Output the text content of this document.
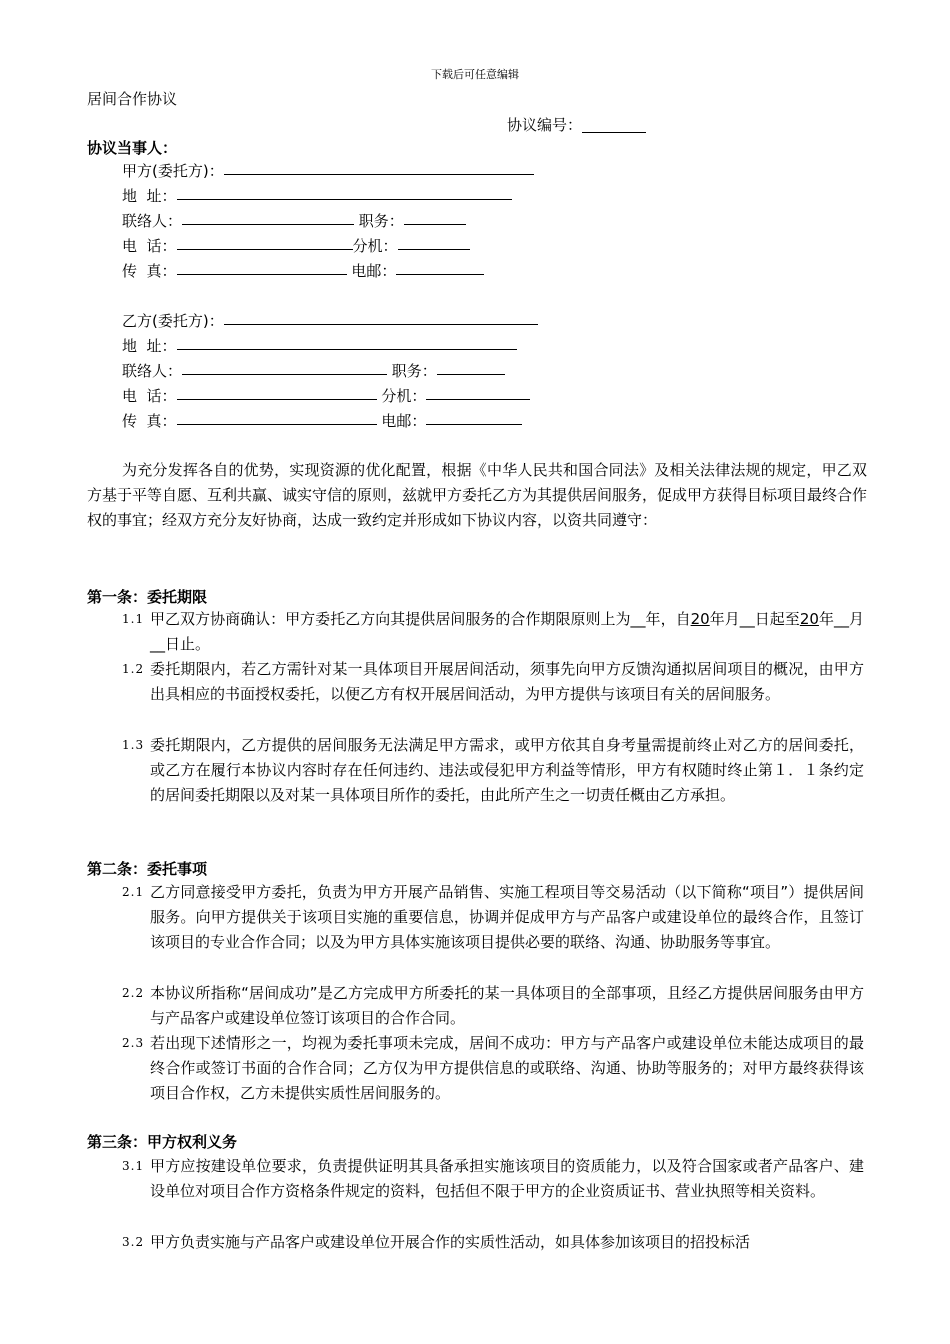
下载后可任意编辑
居间合作协议
协议编号：
协议当事人：
甲方(委托方)：
地  址：
联络人：	职务：
电  话：	分机：
传  真：	电邮：
乙方(委托方)：
地  址：
联络人：	职务：
电  话：	分机：
传  真：	电邮：
为充分发挥各自的优势，实现资源的优化配置，根据《中华人民共和国合同法》及相关法律法规的规定，甲乙双方基于平等自愿、互利共赢、诚实守信的原则，兹就甲方委托乙方为其提供居间服务，促成甲方获得目标项目最终合作权的事宜；经双方充分友好协商，达成一致约定并形成如下协议内容，以资共同遵守：
第一条：委托期限
1.1 甲乙双方协商确认：甲方委托乙方向其提供居间服务的合作期限原则上为__年，自20年月__日起至20年__月__日止。
1.2 委托期限内，若乙方需针对某一具体项目开展居间活动，须事先向甲方反馈沟通拟居间项目的概况，由甲方出具相应的书面授权委托，以便乙方有权开展居间活动，为甲方提供与该项目有关的居间服务。
1.3 委托期限内，乙方提供的居间服务无法满足甲方需求，或甲方依其自身考量需提前终止对乙方的居间委托，或乙方在履行本协议内容时存在任何违约、违法或侵犯甲方利益等情形，甲方有权随时终止第１．１条约定的居间委托期限以及对某一具体项目所作的委托，由此所产生之一切责任概由乙方承担。
第二条：委托事项
2.1 乙方同意接受甲方委托，负责为甲方开展产品销售、实施工程项目等交易活动（以下简称“项目”）提供居间服务。向甲方提供关于该项目实施的重要信息，协调并促成甲方与产品客户或建设单位的最终合作，且签订该项目的专业合作合同；以及为甲方具体实施该项目提供必要的联络、沟通、协助服务等事宜。
2.2 本协议所指称“居间成功”是乙方完成甲方所委托的某一具体项目的全部事项，且经乙方提供居间服务由甲方与产品客户或建设单位签订该项目的合作合同。
2.3 若出现下述情形之一，均视为委托事项未完成，居间不成功：甲方与产品客户或建设单位未能达成项目的最终合作或签订书面的合作合同；乙方仅为甲方提供信息的或联络、沟通、协助等服务的；对甲方最终获得该项目合作权，乙方未提供实质性居间服务的。
第三条：甲方权利义务
3.1 甲方应按建设单位要求，负责提供证明其具备承担实施该项目的资质能力，以及符合国家或者产品客户、建设单位对项目合作方资格条件规定的资料，包括但不限于甲方的企业资质证书、营业执照等相关资料。
3.2 甲方负责实施与产品客户或建设单位开展合作的实质性活动，如具体参加该项目的招投标活
